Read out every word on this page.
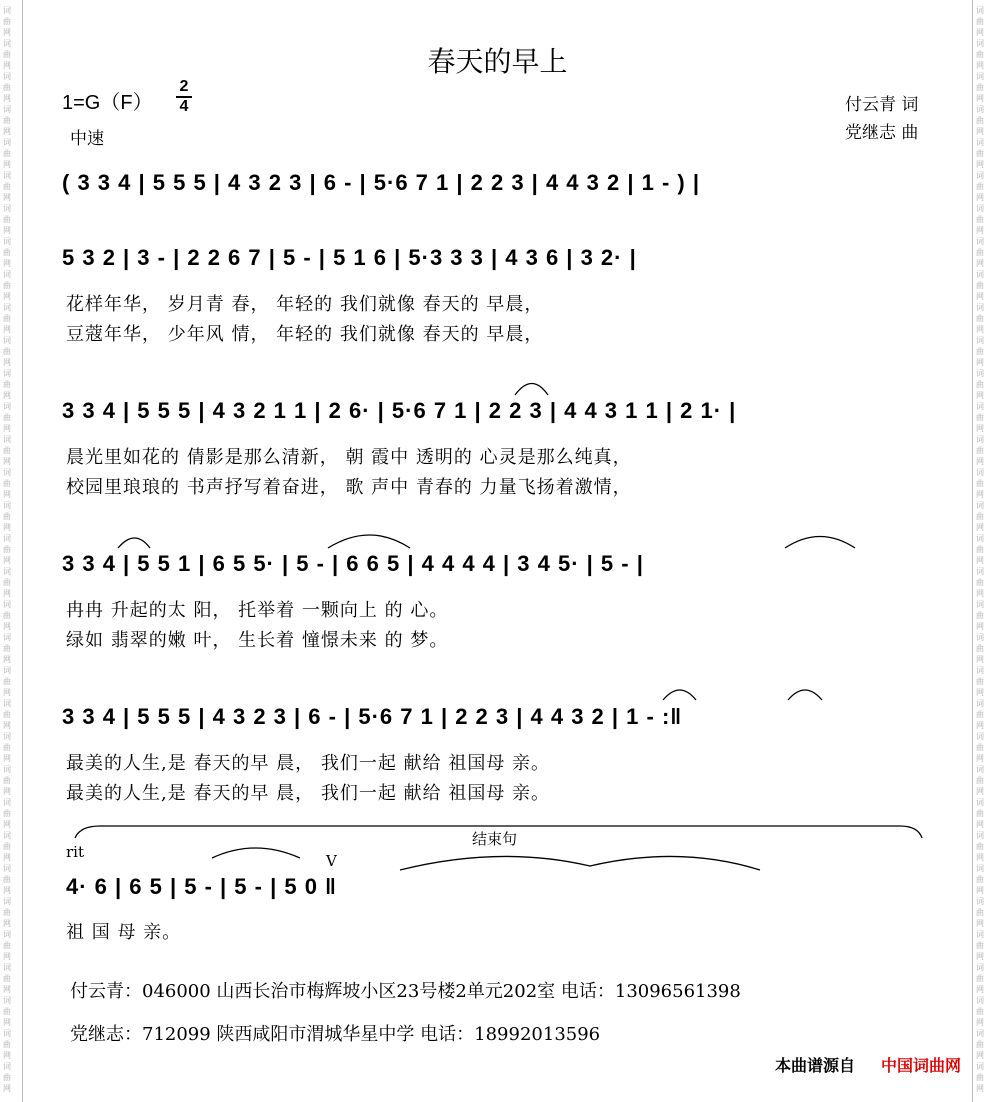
词
曲
网
词
曲
网
词
曲
网
词
曲
网
词
曲
网
词
曲
网
词
曲
网
词
曲
网
词
曲
网
词
曲
网
词
曲
网
词
曲
网
词
曲
网
词
曲
网
词
曲
网
词
曲
网
词
曲
网
词
曲
网
词
曲
网
词
曲
网
词
曲
网
词
曲
网
词
曲
网
词
曲
网
词
曲
网
词
曲
网
词
曲
网
词
曲
网
词
曲
网
词
曲
网
词
曲
网
词
曲
网
词
曲
网
词
曲
网
词
曲
网
词
曲
网
词
曲
网
词
曲
网
词
曲
网
词
曲
网
词
曲
网
词
曲
网
词
曲
网
词
曲
网
词
曲
网
词
曲
网
词
曲
网
词
曲
网
词
曲
网
词
曲
网
词
曲
网
词
曲
网
词
曲
网
词
曲
网
词
曲
网
词
曲
网
词
曲
网
词
曲
网
词
曲
网
词
曲
网
词
曲
网
词
曲
网
词
曲
网
词
曲
网
词
曲
网
词
曲
网
春天的早上
1=G（F）
2
4
中速
付云青 词
党继志 曲
( 3 3 4 | 5 5 5 | 4 3 2 3 | 6 - | 5·6 7 1 | 2 2 3 | 4 4 3 2 | 1 - ) |
5 3 2 | 3 - | 2 2 6 7 | 5 - | 5 1 6 | 5·3 3 3 | 4 3 6 | 3 2· |
花样年华， 岁月青 春， 年轻的 我们就像 春天的 早晨，
豆蔻年华， 少年风 情， 年轻的 我们就像 春天的 早晨，
3 3 4 | 5 5 5 | 4 3 2 1 1 | 2 6· | 5·6 7 1 | 2 2 3 | 4 4 3 1 1 | 2 1· |
晨光里如花的 倩影是那么清新， 朝 霞中 透明的 心灵是那么纯真，
校园里琅琅的 书声抒写着奋进， 歌 声中 青春的 力量飞扬着激情，
3 3 4 | 5 5 1 | 6 5 5· | 5 - | 6 6 5 | 4 4 4 4 | 3 4 5· | 5 - |
冉冉 升起的太 阳， 托举着 一颗向上 的 心。
绿如 翡翠的嫩 叶， 生长着 憧憬未来 的 梦。
3 3 4 | 5 5 5 | 4 3 2 3 | 6 - | 5·6 7 1 | 2 2 3 | 4 4 3 2 | 1 - :‖
最美的人生,是 春天的早 晨， 我们一起 献给 祖国母 亲。
最美的人生,是 春天的早 晨， 我们一起 献给 祖国母 亲。
rit	V
结束句
4· 6 | 6 5 | 5 - | 5 - | 5 0 ‖
祖 国 母 亲。
付云青：046000 山西长治市梅辉坡小区23号楼2单元202室 电话：13096561398
党继志：712099 陕西咸阳市渭城华星中学 电话：18992013596
本曲谱源自 中国词曲网
